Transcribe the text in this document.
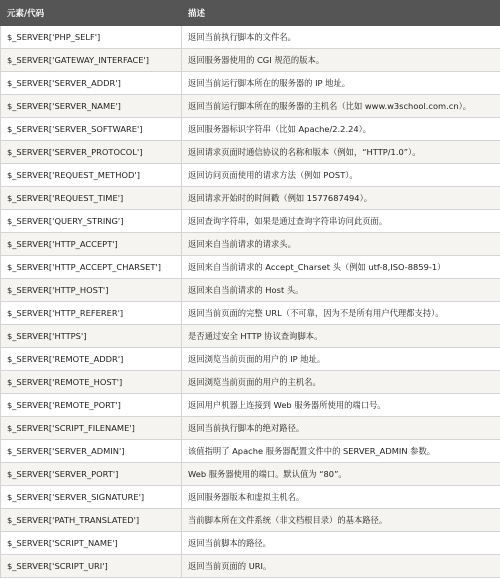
元素/代码	描述
$_SERVER['PHP_SELF']	返回当前执行脚本的文件名。
$_SERVER['GATEWAY_INTERFACE']	返回服务器使用的 CGI 规范的版本。
$_SERVER['SERVER_ADDR']	返回当前运行脚本所在的服务器的 IP 地址。
$_SERVER['SERVER_NAME']	返回当前运行脚本所在的服务器的主机名（比如 www.w3school.com.cn）。
$_SERVER['SERVER_SOFTWARE']	返回服务器标识字符串（比如 Apache/2.2.24）。
$_SERVER['SERVER_PROTOCOL']	返回请求页面时通信协议的名称和版本（例如，“HTTP/1.0”）。
$_SERVER['REQUEST_METHOD']	返回访问页面使用的请求方法（例如 POST）。
$_SERVER['REQUEST_TIME']	返回请求开始时的时间戳（例如 1577687494）。
$_SERVER['QUERY_STRING']	返回查询字符串，如果是通过查询字符串访问此页面。
$_SERVER['HTTP_ACCEPT']	返回来自当前请求的请求头。
$_SERVER['HTTP_ACCEPT_CHARSET']	返回来自当前请求的 Accept_Charset 头（例如 utf-8,ISO-8859-1）
$_SERVER['HTTP_HOST']	返回来自当前请求的 Host 头。
$_SERVER['HTTP_REFERER']	返回当前页面的完整 URL（不可靠，因为不是所有用户代理都支持）。
$_SERVER['HTTPS']	是否通过安全 HTTP 协议查询脚本。
$_SERVER['REMOTE_ADDR']	返回浏览当前页面的用户的 IP 地址。
$_SERVER['REMOTE_HOST']	返回浏览当前页面的用户的主机名。
$_SERVER['REMOTE_PORT']	返回用户机器上连接到 Web 服务器所使用的端口号。
$_SERVER['SCRIPT_FILENAME']	返回当前执行脚本的绝对路径。
$_SERVER['SERVER_ADMIN']	该值指明了 Apache 服务器配置文件中的 SERVER_ADMIN 参数。
$_SERVER['SERVER_PORT']	Web 服务器使用的端口。默认值为 “80”。
$_SERVER['SERVER_SIGNATURE']	返回服务器版本和虚拟主机名。
$_SERVER['PATH_TRANSLATED']	当前脚本所在文件系统（非文档根目录）的基本路径。
$_SERVER['SCRIPT_NAME']	返回当前脚本的路径。
$_SERVER['SCRIPT_URI']	返回当前页面的 URI。
